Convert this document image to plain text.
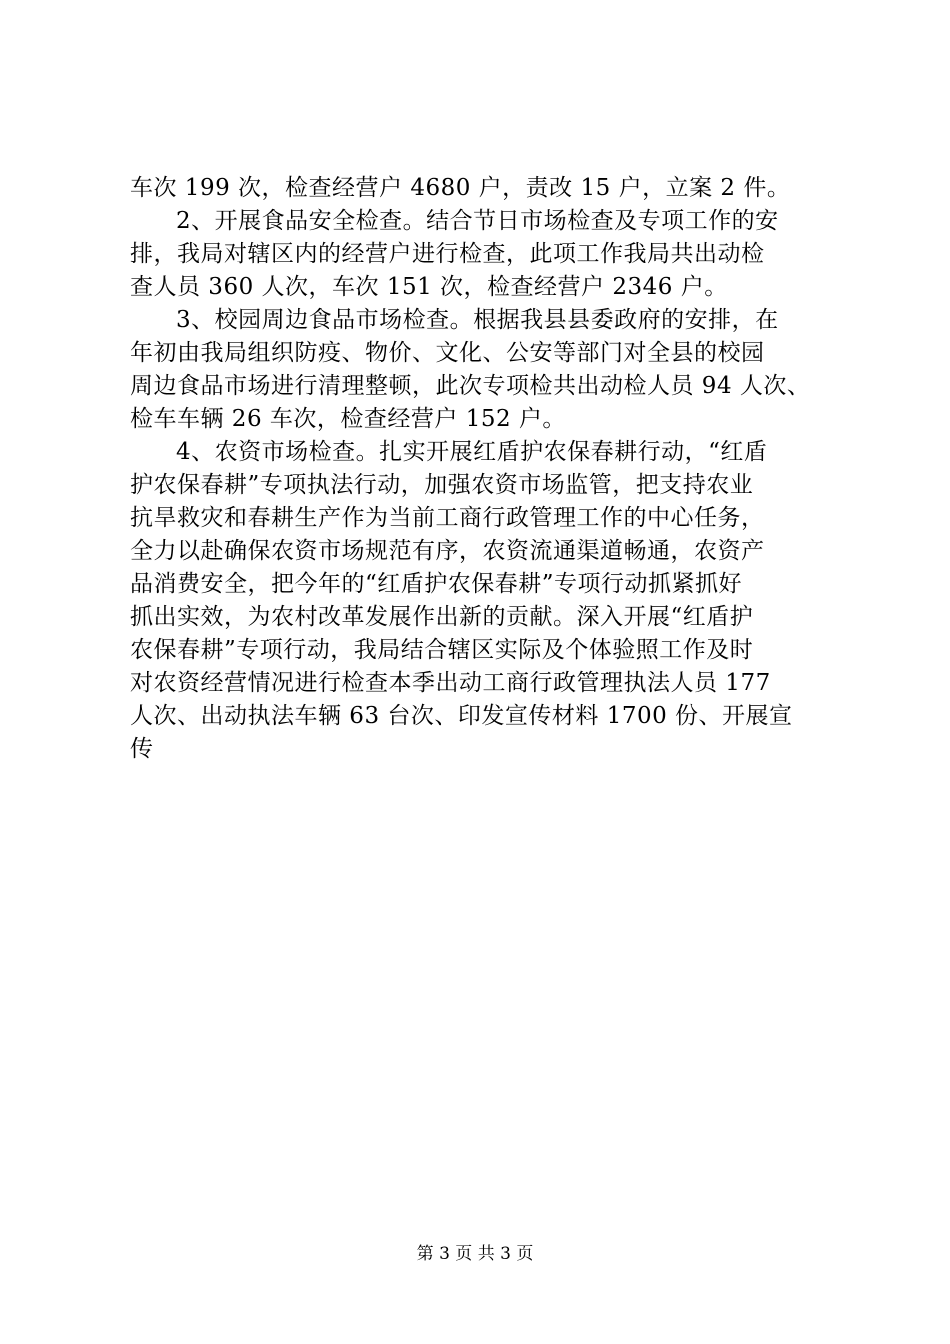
车次 199 次，检查经营户 4680 户，责改 15 户，立案 2 件。
2、开展食品安全检查。结合节日市场检查及专项工作的安
排，我局对辖区内的经营户进行检查，此项工作我局共出动检
查人员 360 人次，车次 151 次，检查经营户 2346 户。
3、校园周边食品市场检查。根据我县县委政府的安排，在
年初由我局组织防疫、物价、文化、公安等部门对全县的校园
周边食品市场进行清理整顿，此次专项检共出动检人员 94 人次、
检车车辆 26 车次，检查经营户 152 户。
4、农资市场检查。扎实开展红盾护农保春耕行动，“红盾
护农保春耕”专项执法行动，加强农资市场监管，把支持农业
抗旱救灾和春耕生产作为当前工商行政管理工作的中心任务，
全力以赴确保农资市场规范有序，农资流通渠道畅通，农资产
品消费安全，把今年的“红盾护农保春耕”专项行动抓紧抓好
抓出实效，为农村改革发展作出新的贡献。深入开展“红盾护
农保春耕”专项行动，我局结合辖区实际及个体验照工作及时
对农资经营情况进行检查本季出动工商行政管理执法人员 177
人次、出动执法车辆 63 台次、印发宣传材料 1700 份、开展宣
传
第 3 页 共 3 页
